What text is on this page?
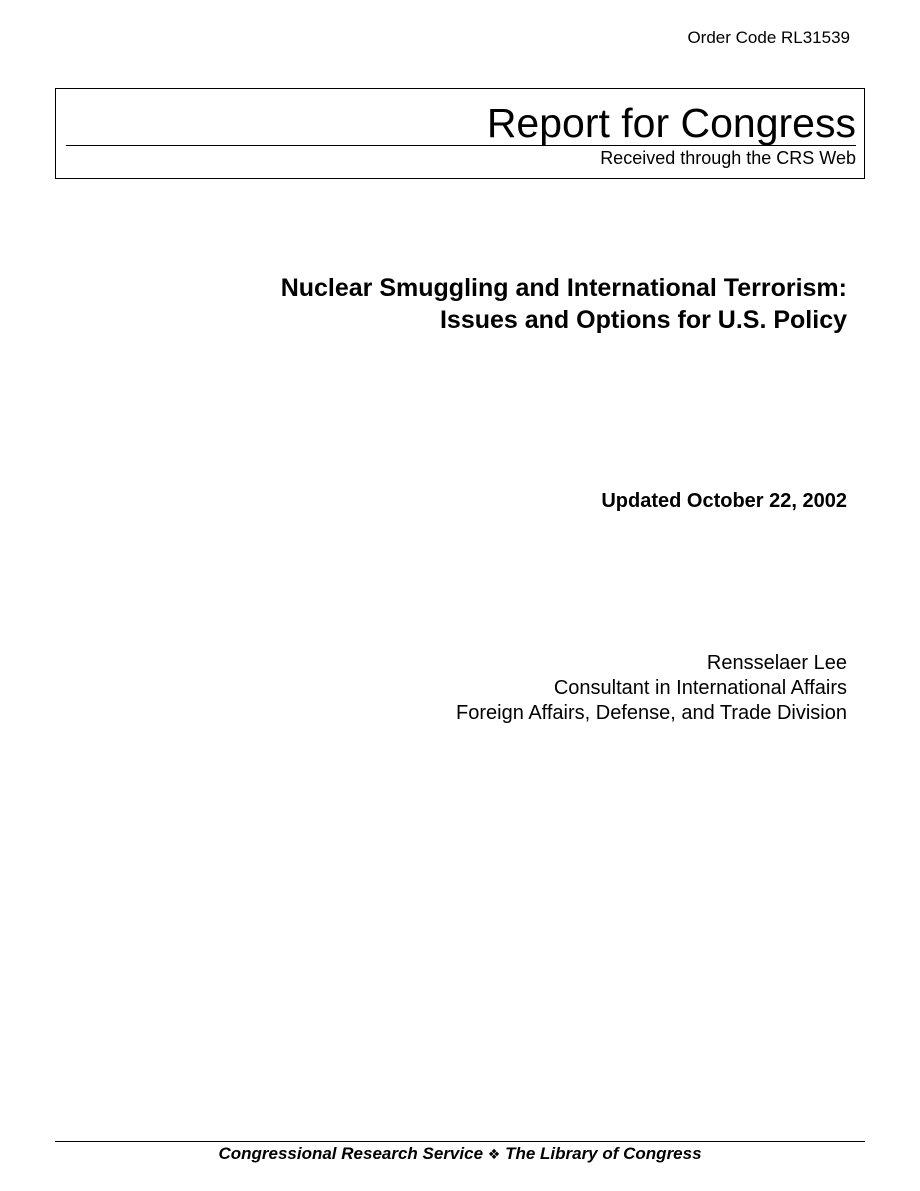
Order Code RL31539
Report for Congress
Received through the CRS Web
Nuclear Smuggling and International Terrorism:
Issues and Options for U.S. Policy
Updated October 22, 2002
Rensselaer Lee
Consultant in International Affairs
Foreign Affairs, Defense, and Trade Division
Congressional Research Service ❖ The Library of Congress
